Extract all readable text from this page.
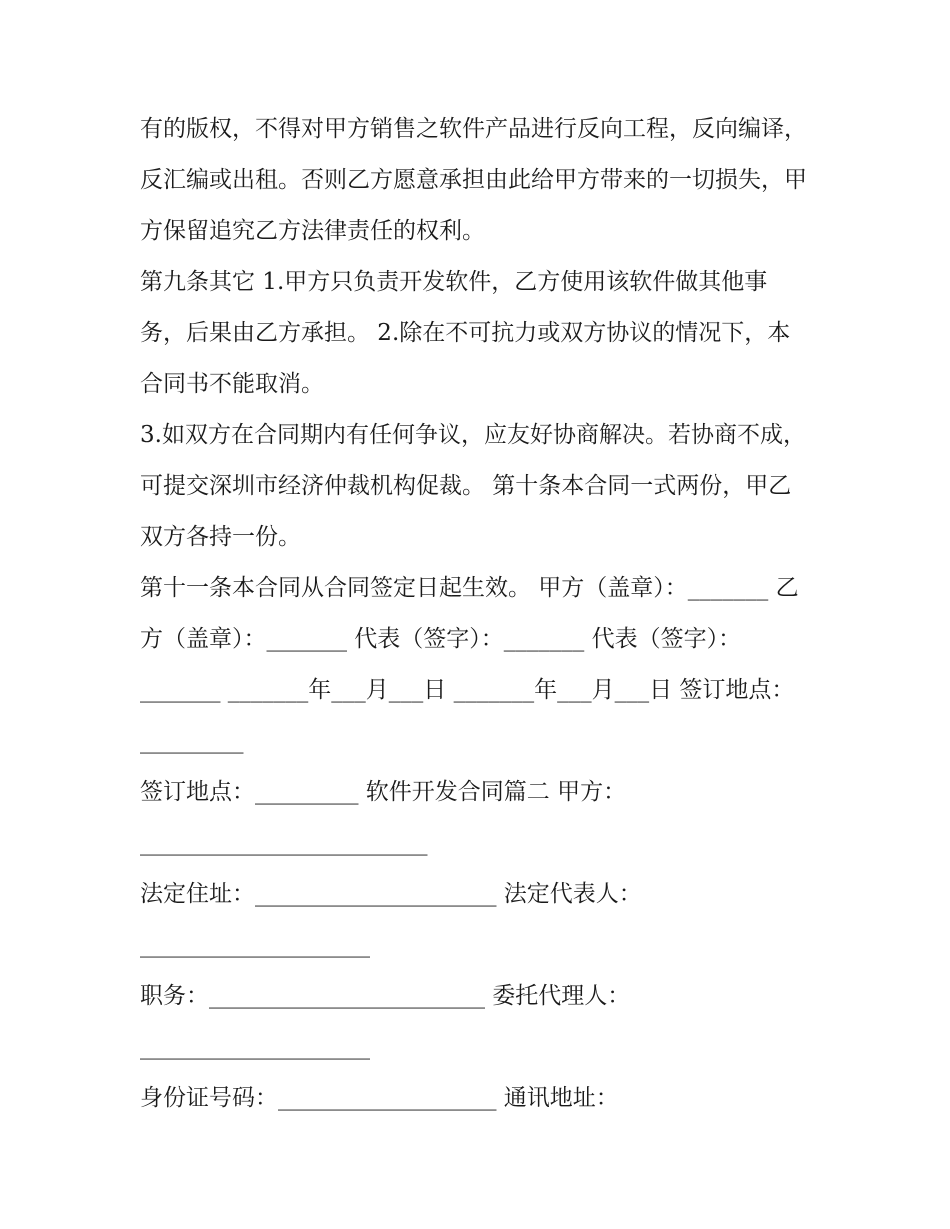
有的版权，不得对甲方销售之软件产品进行反向工程，反向编译，反汇编或出租。否则乙方愿意承担由此给甲方带来的一切损失，甲方保留追究乙方法律责任的权利。

第九条其它 1.甲方只负责开发软件，乙方使用该软件做其他事务，后果由乙方承担。 2.除在不可抗力或双方协议的情况下，本合同书不能取消。

3.如双方在合同期内有任何争议，应友好协商解决。若协商不成，可提交深圳市经济仲裁机构促裁。 第十条本合同一式两份，甲乙双方各持一份。

第十一条本合同从合同签定日起生效。 甲方（盖章）：_______ 乙方（盖章）：_______ 代表（签字）：_______ 代表（签字）：_______ _______年___月___日 _______年___月___日 签订地点：_________

签订地点：_________ 软件开发合同篇二 甲方：_________________________

法定住址：_____________________ 法定代表人：____________________

职务：________________________ 委托代理人：____________________

身份证号码：___________________ 通讯地址：
